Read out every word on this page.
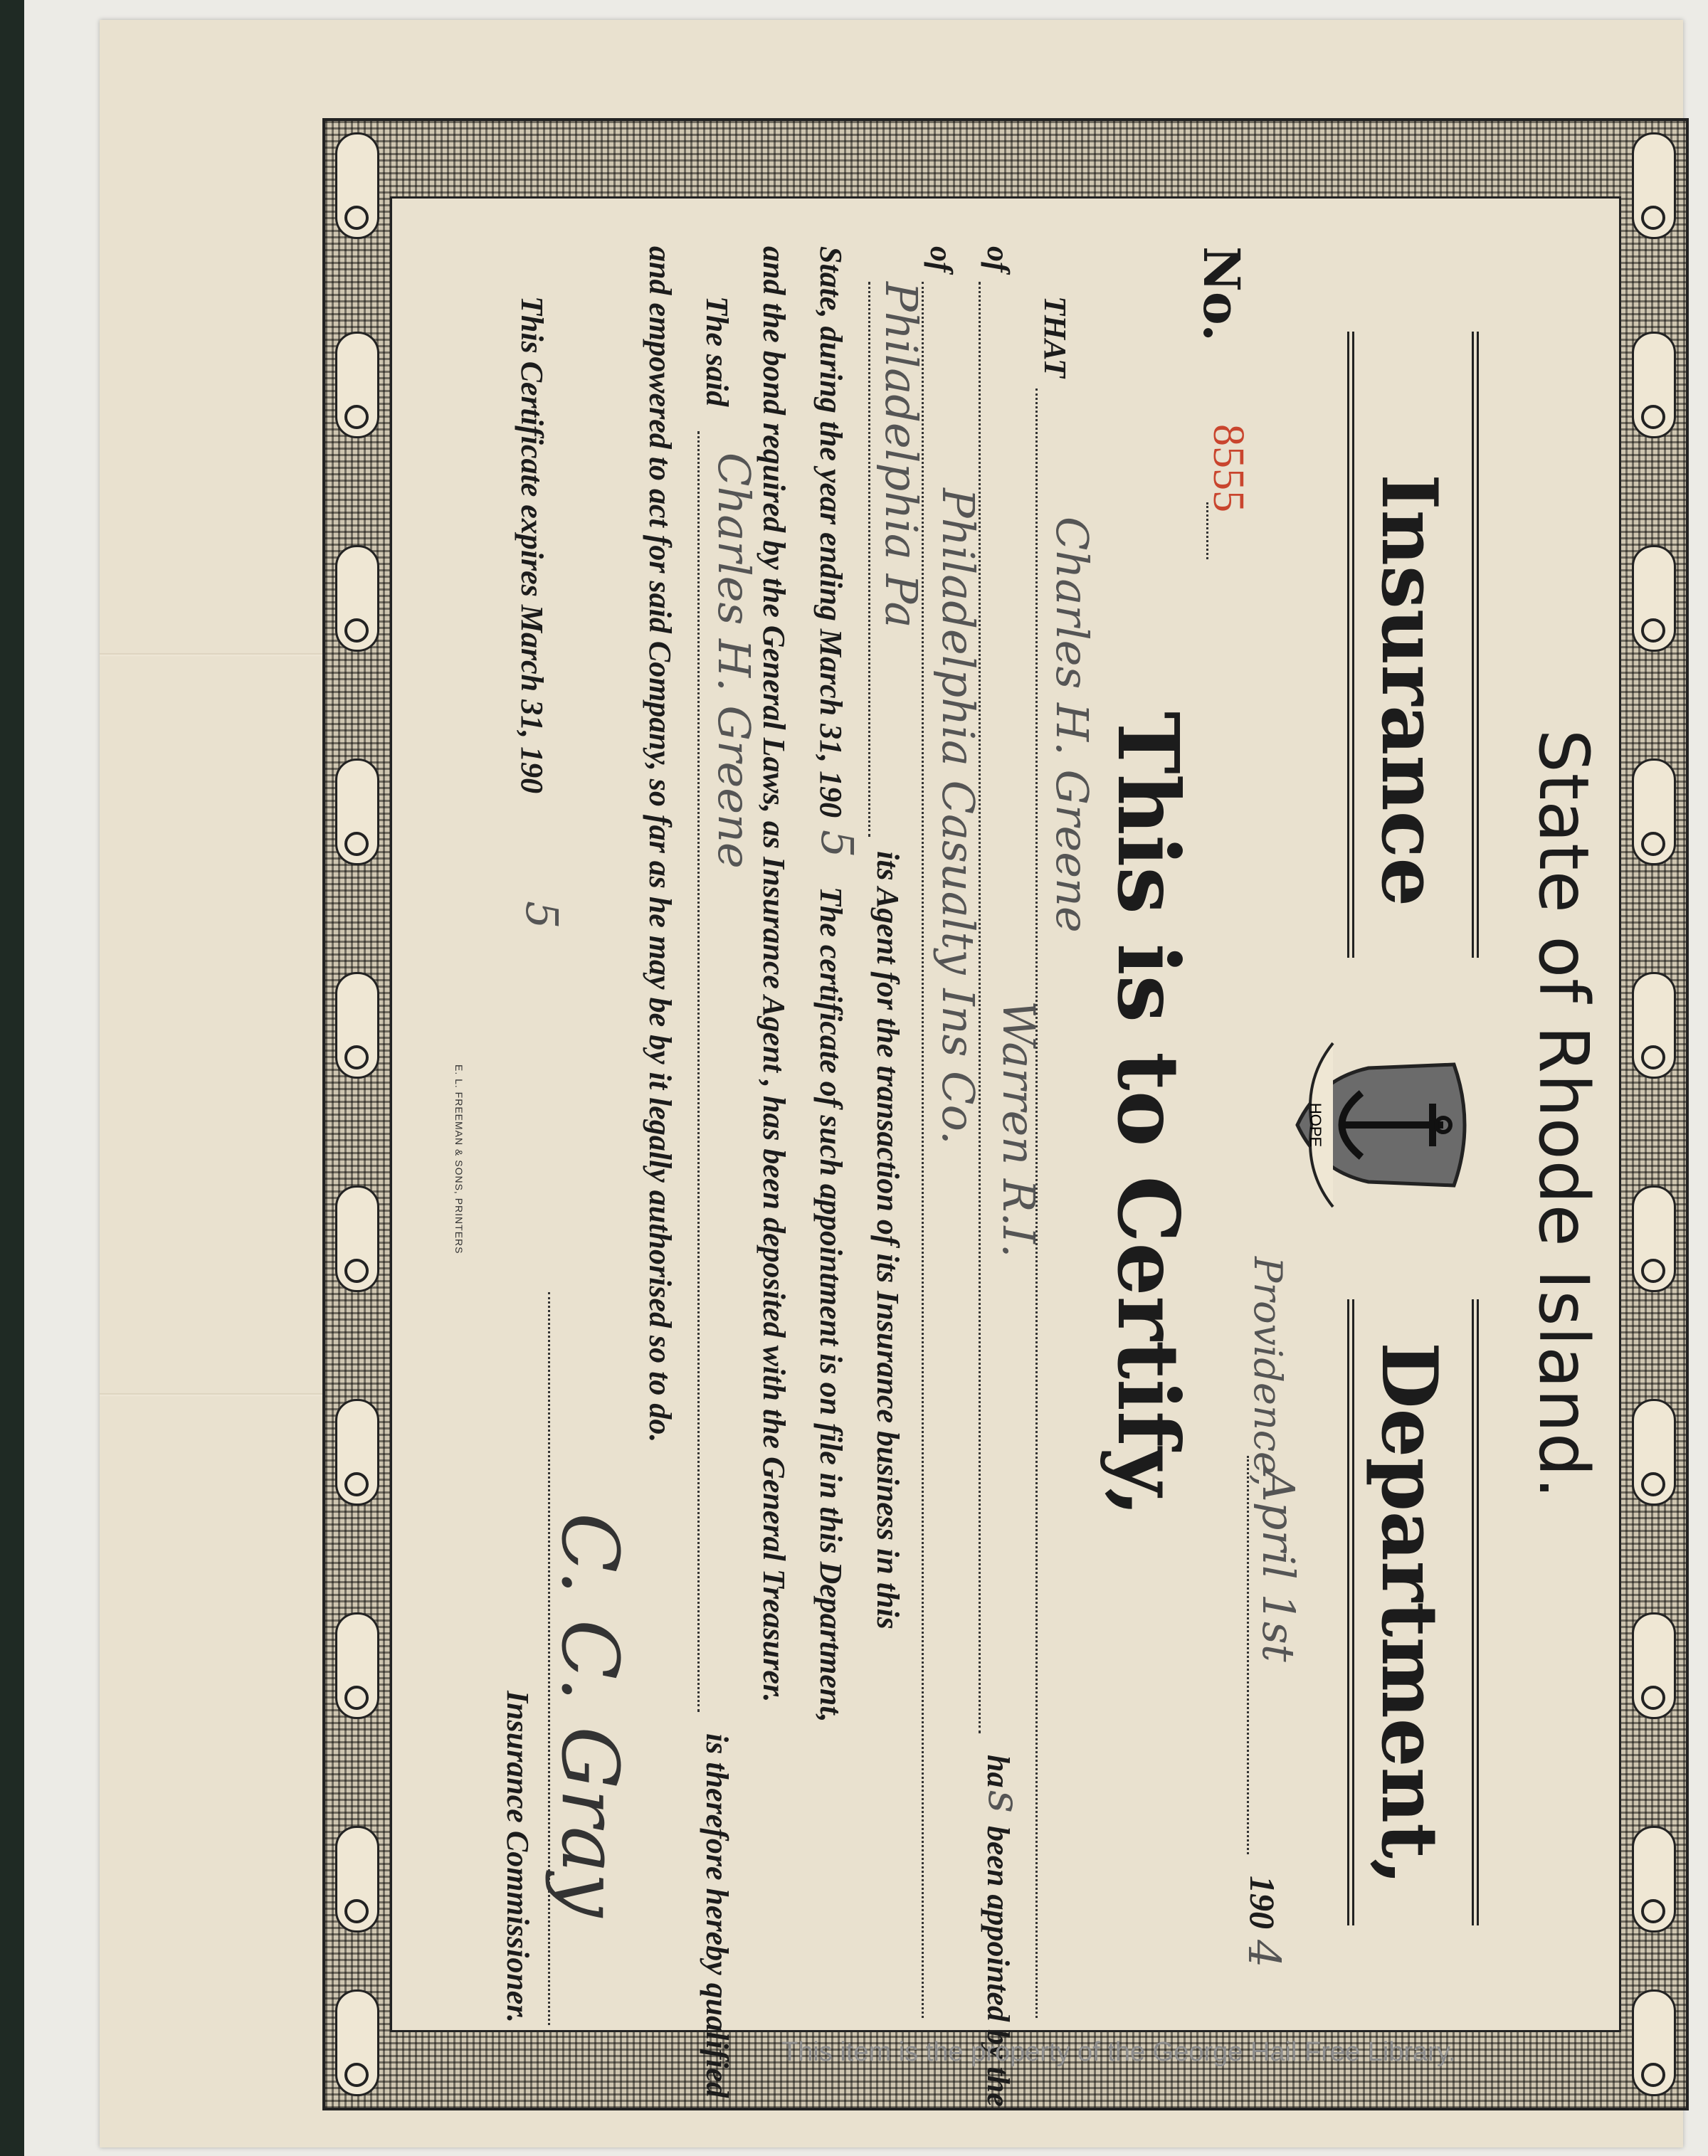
State of Rhode Island.
Insurance
Department,
HOPE
No.
8555
Providence,
April 1st
190
4
This is to Certify,
THAT
Charles H. Greene
of
Warren R.I.
ha
s
been appointed by the
of
Philadelphia Casualty Ins Co.
Philadelphia Pa
its Agent for the transaction of its Insurance business in this
State, during the year ending March 31, 190
5
The certificate of such appointment is on file in this Department,
and the bond required by the General Laws, as Insurance Agent , has been deposited with the General Treasurer.
The said
Charles H. Greene
is therefore hereby qualified
and empowered to act for said Company, so far as he may be by it legally authorised so to do.
This Certificate expires March 31, 190
5
E. L. FREEMAN & SONS, PRINTERS
C. C. Gray
Insurance Commissioner.
This item is the property of the George Hail Free Library.
